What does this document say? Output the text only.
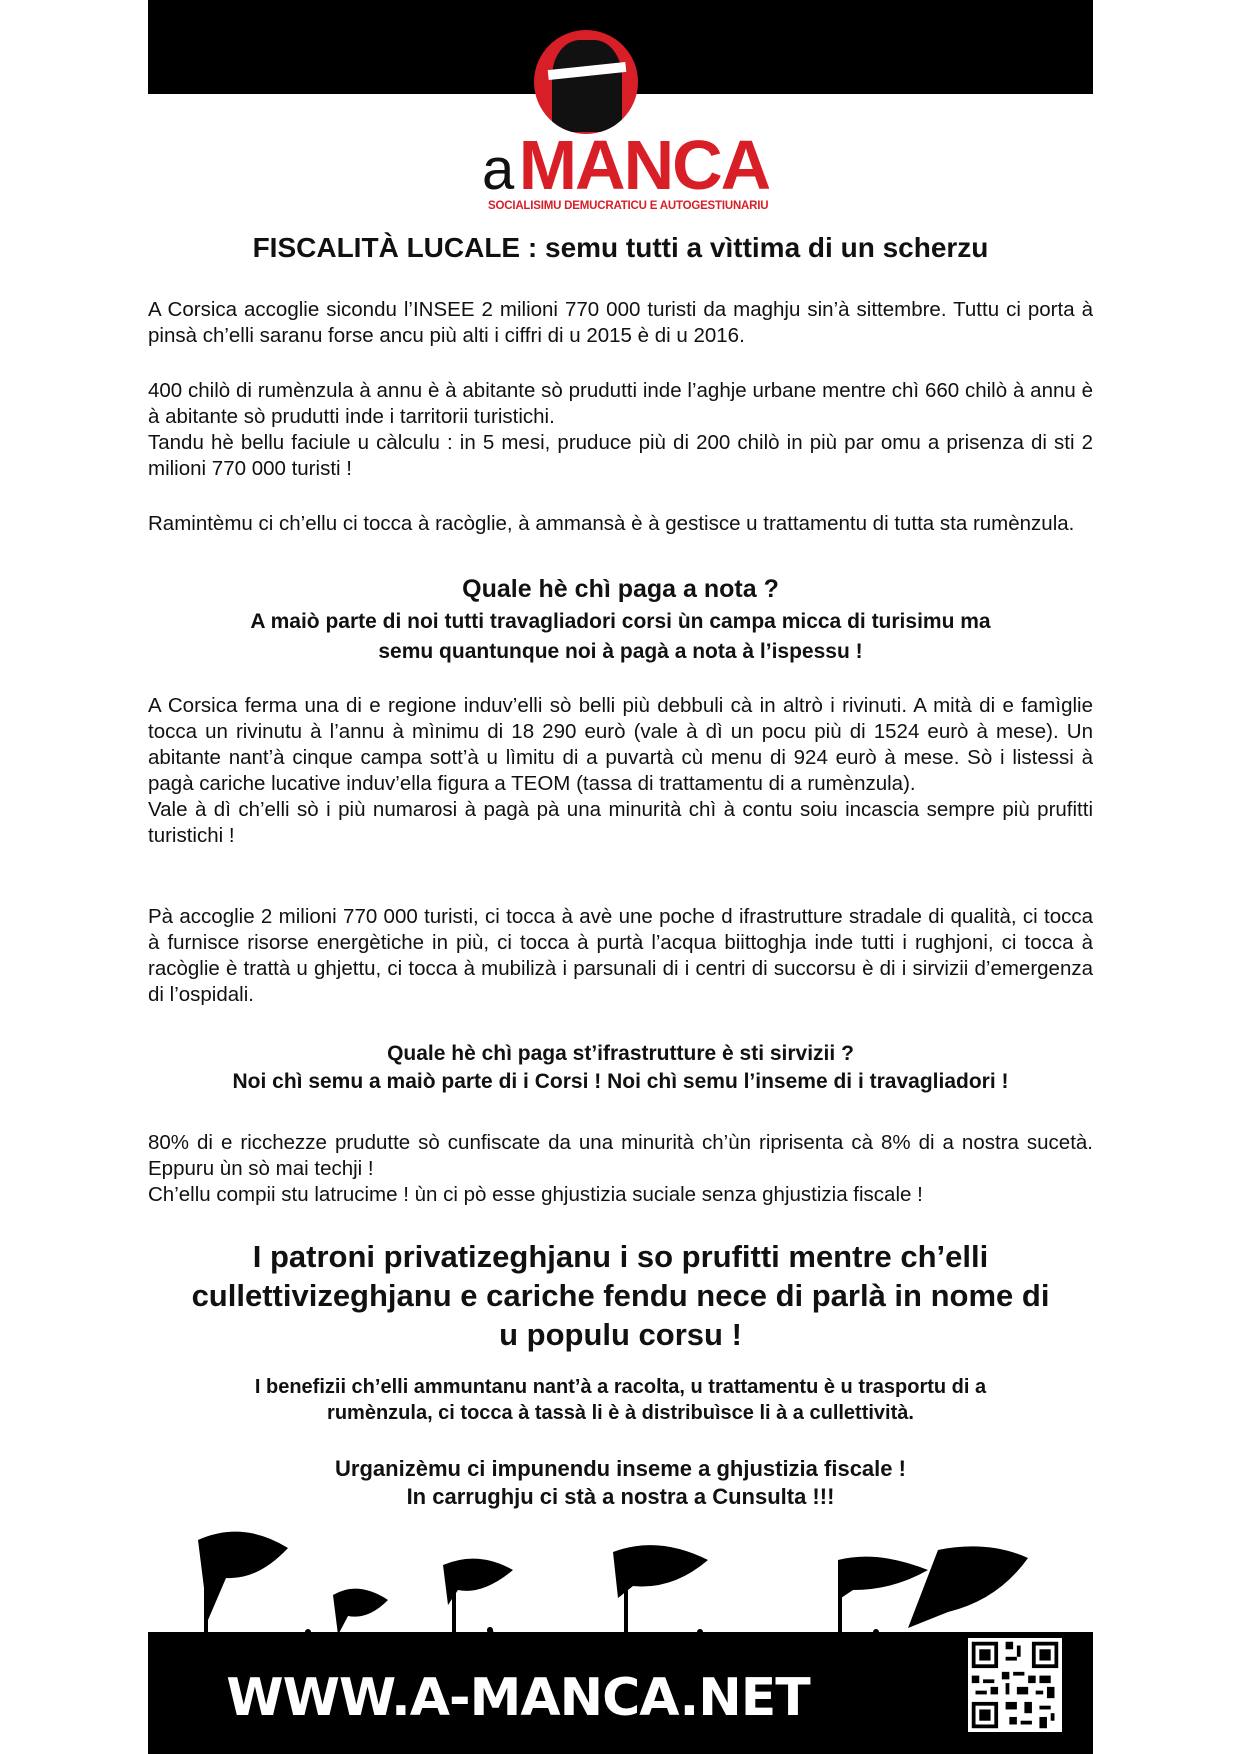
a MANCA
SOCIALISIMU DEMUCRATICU E AUTOGESTIUNARIU
FISCALITÀ LUCALE : semu tutti a vìttima di un scherzu

A Corsica accoglie sicondu l’INSEE 2 milioni 770 000 turisti da maghju sin’à sittembre. Tuttu ci porta à pinsà ch’elli saranu forse ancu più alti i ciffri di u 2015 è di u 2016.

400 chilò di rumènzula à annu è à abitante sò prudutti inde l’aghje urbane mentre chì 660 chilò à annu è à abitante sò prudutti inde i tarritorii turistichi.

Tandu hè bellu faciule u càlculu : in 5 mesi, pruduce più di 200 chilò in più par omu a prisenza di sti 2 milioni 770 000 turisti !

Ramintèmu ci ch’ellu ci tocca à racòglie, à ammansà è à gestisce u trattamentu di tutta sta rumènzula.

Quale hè chì paga a nota ?
A maiò parte di noi tutti travagliadori corsi ùn campa micca di turisimu ma
semu quantunque noi à pagà a nota à l’ispessu !

A Corsica ferma una di e regione induv’elli sò belli più debbuli cà in altrò i rivinuti. A mità di e famìglie tocca un rivinutu à l’annu à mìnimu di 18 290 eurò (vale à dì un pocu più di 1524 eurò à mese). Un abitante nant’à cinque campa sott’à u lìmitu di a puvartà cù menu di 924 eurò à mese. Sò i listessi à pagà cariche lucative induv’ella figura a TEOM (tassa di trattamentu di a rumènzula).

Vale à dì ch’elli sò i più numarosi à pagà pà una minurità chì à contu soiu incascia sempre più prufitti turistichi !

Pà accoglie 2 milioni 770 000 turisti, ci tocca à avè une poche d ifrastrutture stradale di qualità, ci tocca à furnisce risorse energètiche in più, ci tocca à purtà l’acqua biittoghja inde tutti i rughjoni, ci tocca à racòglie è trattà u ghjettu, ci tocca à mubilizà i parsunali di i centri di succorsu è di i sirvizii d’emergenza di l’ospidali.

Quale hè chì paga st’ifrastrutture è sti sirvizii ?
Noi chì semu a maiò parte di i Corsi ! Noi chì semu l’inseme di i travagliadori !

80% di e ricchezze prudutte sò cunfiscate da una minurità ch’ùn riprisenta cà 8% di a nostra sucetà. Eppuru ùn sò mai techji !

Ch’ellu compii stu latrucime ! ùn ci pò esse ghjustizia suciale senza ghjustizia fiscale !

I patroni privatizeghjanu i so prufitti mentre ch’elli
cullettivizeghjanu e cariche fendu nece di parlà in nome di
u populu corsu !
I benefizii ch’elli ammuntanu nant’à a racolta, u trattamentu è u trasportu di a
rumènzula, ci tocca à tassà li è à distribuìsce li à a cullettività.
Urganizèmu ci impunendu inseme a ghjustizia fiscale !
In carrughju ci stà a nostra a Cunsulta !!!
WWW.A-MANCA.NET
